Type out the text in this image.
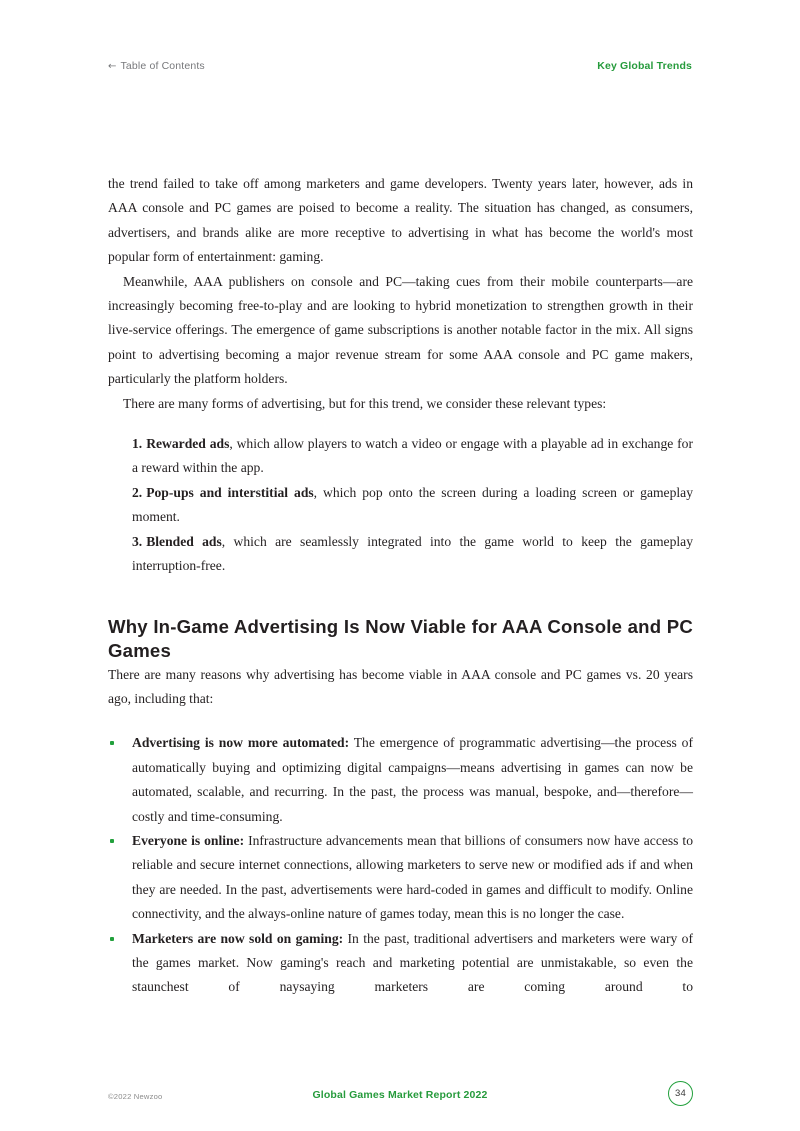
← Table of Contents	Key Global Trends

the trend failed to take off among marketers and game developers. Twenty years later, however, ads in AAA console and PC games are poised to become a reality. The situation has changed, as consumers, advertisers, and brands alike are more receptive to advertising in what has become the world's most popular form of entertainment: gaming.

Meanwhile, AAA publishers on console and PC—taking cues from their mobile counterparts—are increasingly becoming free-to-play and are looking to hybrid monetization to strengthen growth in their live-service offerings. The emergence of game subscriptions is another notable factor in the mix. All signs point to advertising becoming a major revenue stream for some AAA console and PC game makers, particularly the platform holders.

There are many forms of advertising, but for this trend, we consider these relevant types:

1. Rewarded ads, which allow players to watch a video or engage with a playable ad in exchange for a reward within the app.
2. Pop-ups and interstitial ads, which pop onto the screen during a loading screen or gameplay moment.
3. Blended ads, which are seamlessly integrated into the game world to keep the gameplay interruption-free.
Why In-Game Advertising Is Now Viable for AAA Console and PC Games

There are many reasons why advertising has become viable in AAA console and PC games vs. 20 years ago, including that:

Advertising is now more automated: The emergence of programmatic advertising—the process of automatically buying and optimizing digital campaigns—means advertising in games can now be automated, scalable, and recurring. In the past, the process was manual, bespoke, and—therefore—costly and time-consuming.
Everyone is online: Infrastructure advancements mean that billions of consumers now have access to reliable and secure internet connections, allowing marketers to serve new or modified ads if and when they are needed. In the past, advertisements were hard-coded in games and difficult to modify. Online connectivity, and the always-online nature of games today, mean this is no longer the case.
Marketers are now sold on gaming: In the past, traditional advertisers and marketers were wary of the games market. Now gaming's reach and marketing potential are unmistakable, so even the staunchest of naysaying marketers are coming around to
©2022 Newzoo	Global Games Market Report 2022	34
